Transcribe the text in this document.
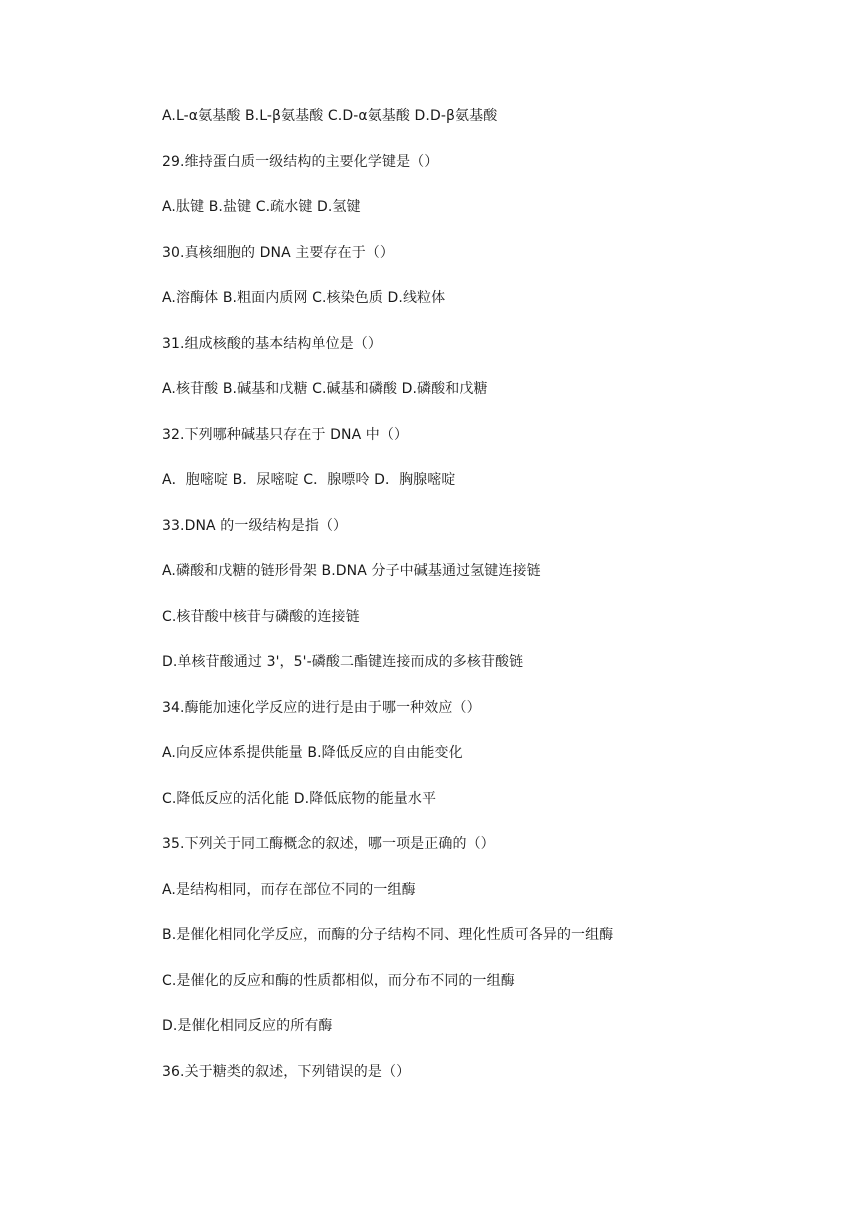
A.L-α氨基酸 B.L-β氨基酸 C.D-α氨基酸 D.D-β氨基酸
29.维持蛋白质一级结构的主要化学键是（）
A.肽键 B.盐键 C.疏水键 D.氢键
30.真核细胞的 DNA 主要存在于（）
A.溶酶体 B.粗面内质网 C.核染色质 D.线粒体
31.组成核酸的基本结构单位是（）
A.核苷酸 B.碱基和戊糖 C.碱基和磷酸 D.磷酸和戊糖
32.下列哪种碱基只存在于 DNA 中（）
A．胞嘧啶 B．尿嘧啶 C．腺嘌呤 D．胸腺嘧啶
33.DNA 的一级结构是指（）
A.磷酸和戊糖的链形骨架 B.DNA 分子中碱基通过氢键连接链
C.核苷酸中核苷与磷酸的连接链
D.单核苷酸通过 3'，5'-磷酸二酯键连接而成的多核苷酸链
34.酶能加速化学反应的进行是由于哪一种效应（）
A.向反应体系提供能量 B.降低反应的自由能变化
C.降低反应的活化能 D.降低底物的能量水平
35.下列关于同工酶概念的叙述，哪一项是正确的（）
A.是结构相同，而存在部位不同的一组酶
B.是催化相同化学反应，而酶的分子结构不同、理化性质可各异的一组酶
C.是催化的反应和酶的性质都相似，而分布不同的一组酶
D.是催化相同反应的所有酶
36.关于糖类的叙述，下列错误的是（）
